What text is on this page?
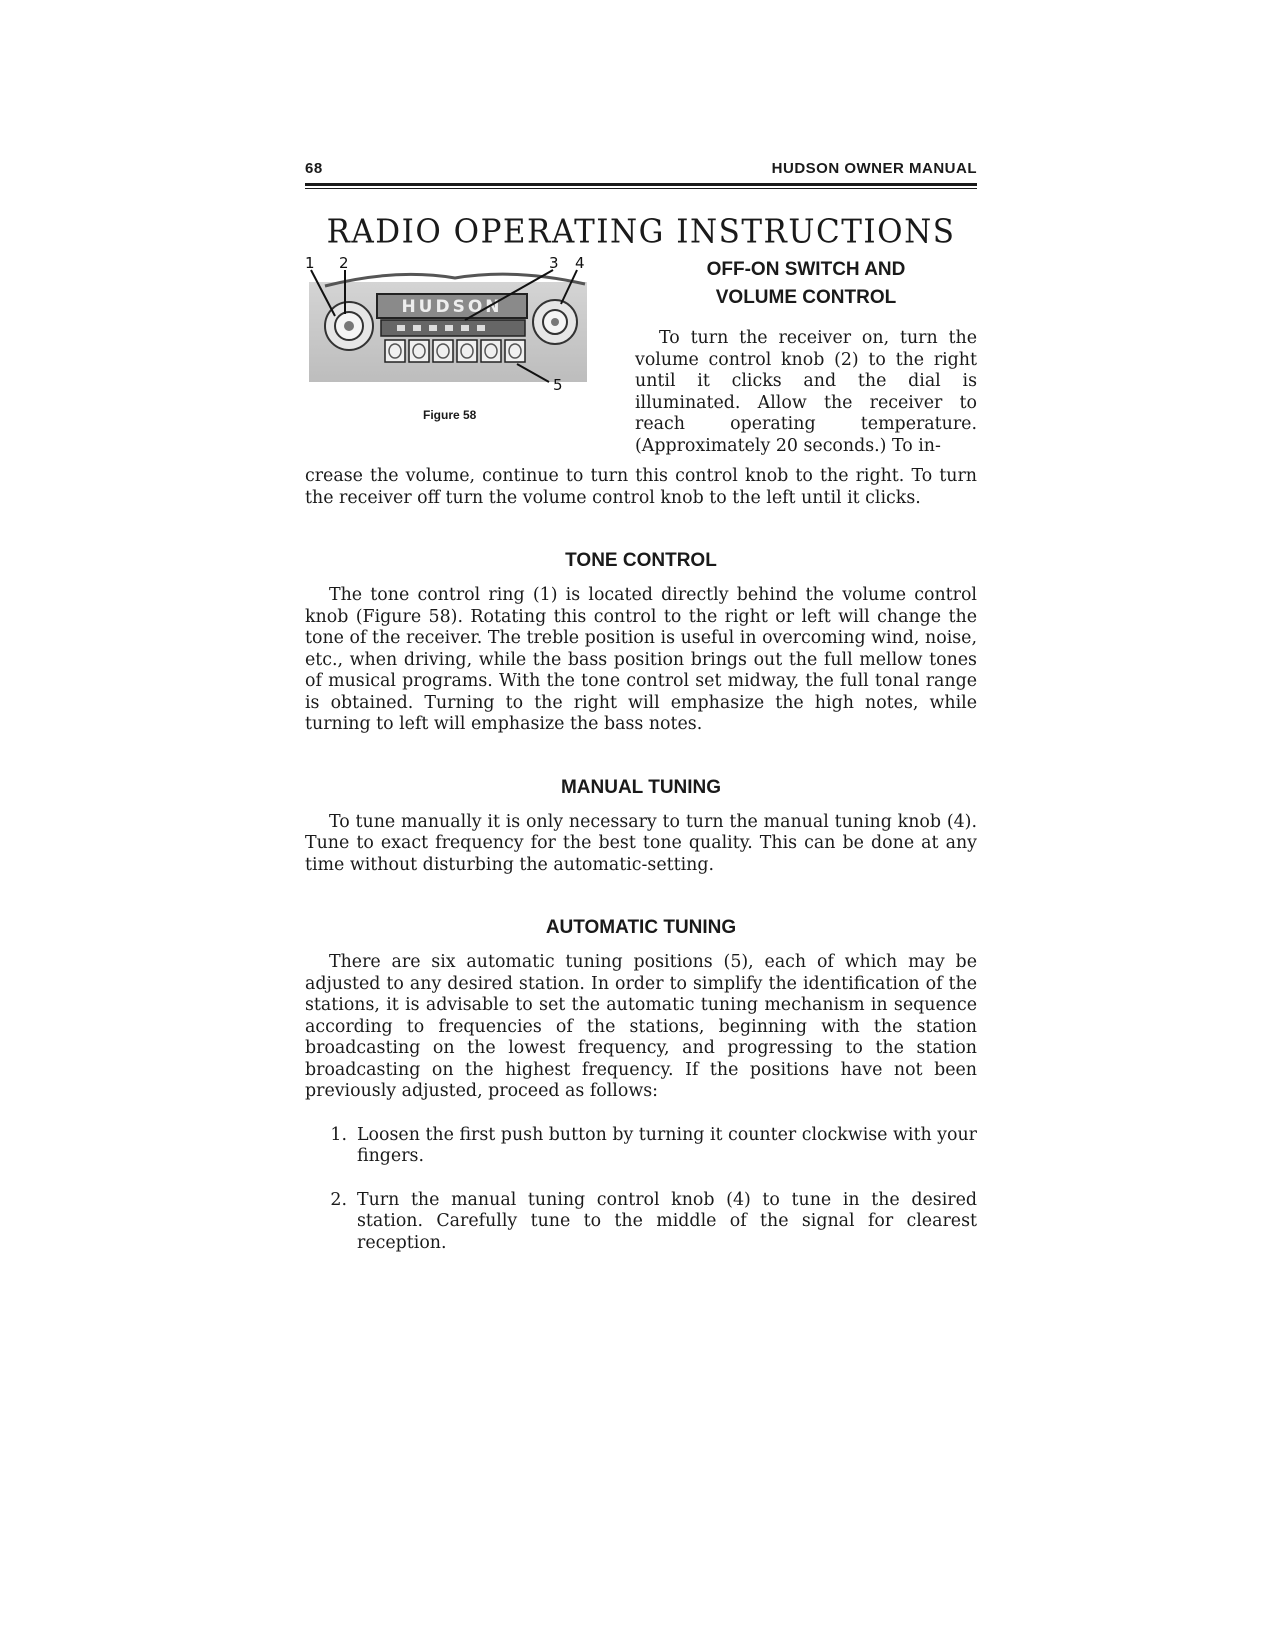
68	HUDSON OWNER MANUAL
RADIO OPERATING INSTRUCTIONS
HUDSON
1 2	3 4
5
Figure 58
OFF-ON SWITCH AND
VOLUME CONTROL

To turn the receiver on, turn the volume control knob (2) to the right until it clicks and the dial is illuminated. Allow the receiver to reach operating temperature. (Approximately 20 seconds.) To in-

crease the volume, continue to turn this control knob to the right. To turn the receiver off turn the volume control knob to the left until it clicks.

TONE CONTROL

The tone control ring (1) is located directly behind the volume control knob (Figure 58). Rotating this control to the right or left will change the tone of the receiver. The treble position is useful in overcoming wind, noise, etc., when driving, while the bass position brings out the full mellow tones of musical programs. With the tone control set midway, the full tonal range is obtained. Turning to the right will emphasize the high notes, while turning to left will emphasize the bass notes.

MANUAL TUNING

To tune manually it is only necessary to turn the manual tuning knob (4). Tune to exact frequency for the best tone quality. This can be done at any time without disturbing the automatic-setting.

AUTOMATIC TUNING

There are six automatic tuning positions (5), each of which may be adjusted to any desired station. In order to simplify the identification of the stations, it is advisable to set the automatic tuning mechanism in sequence according to frequencies of the stations, beginning with the station broadcasting on the lowest frequency, and progressing to the station broadcasting on the highest frequency. If the positions have not been previously adjusted, proceed as follows:

1. Loosen the first push button by turning it counter clockwise with your fingers.
2. Turn the manual tuning control knob (4) to tune in the desired station. Carefully tune to the middle of the signal for clearest reception.
